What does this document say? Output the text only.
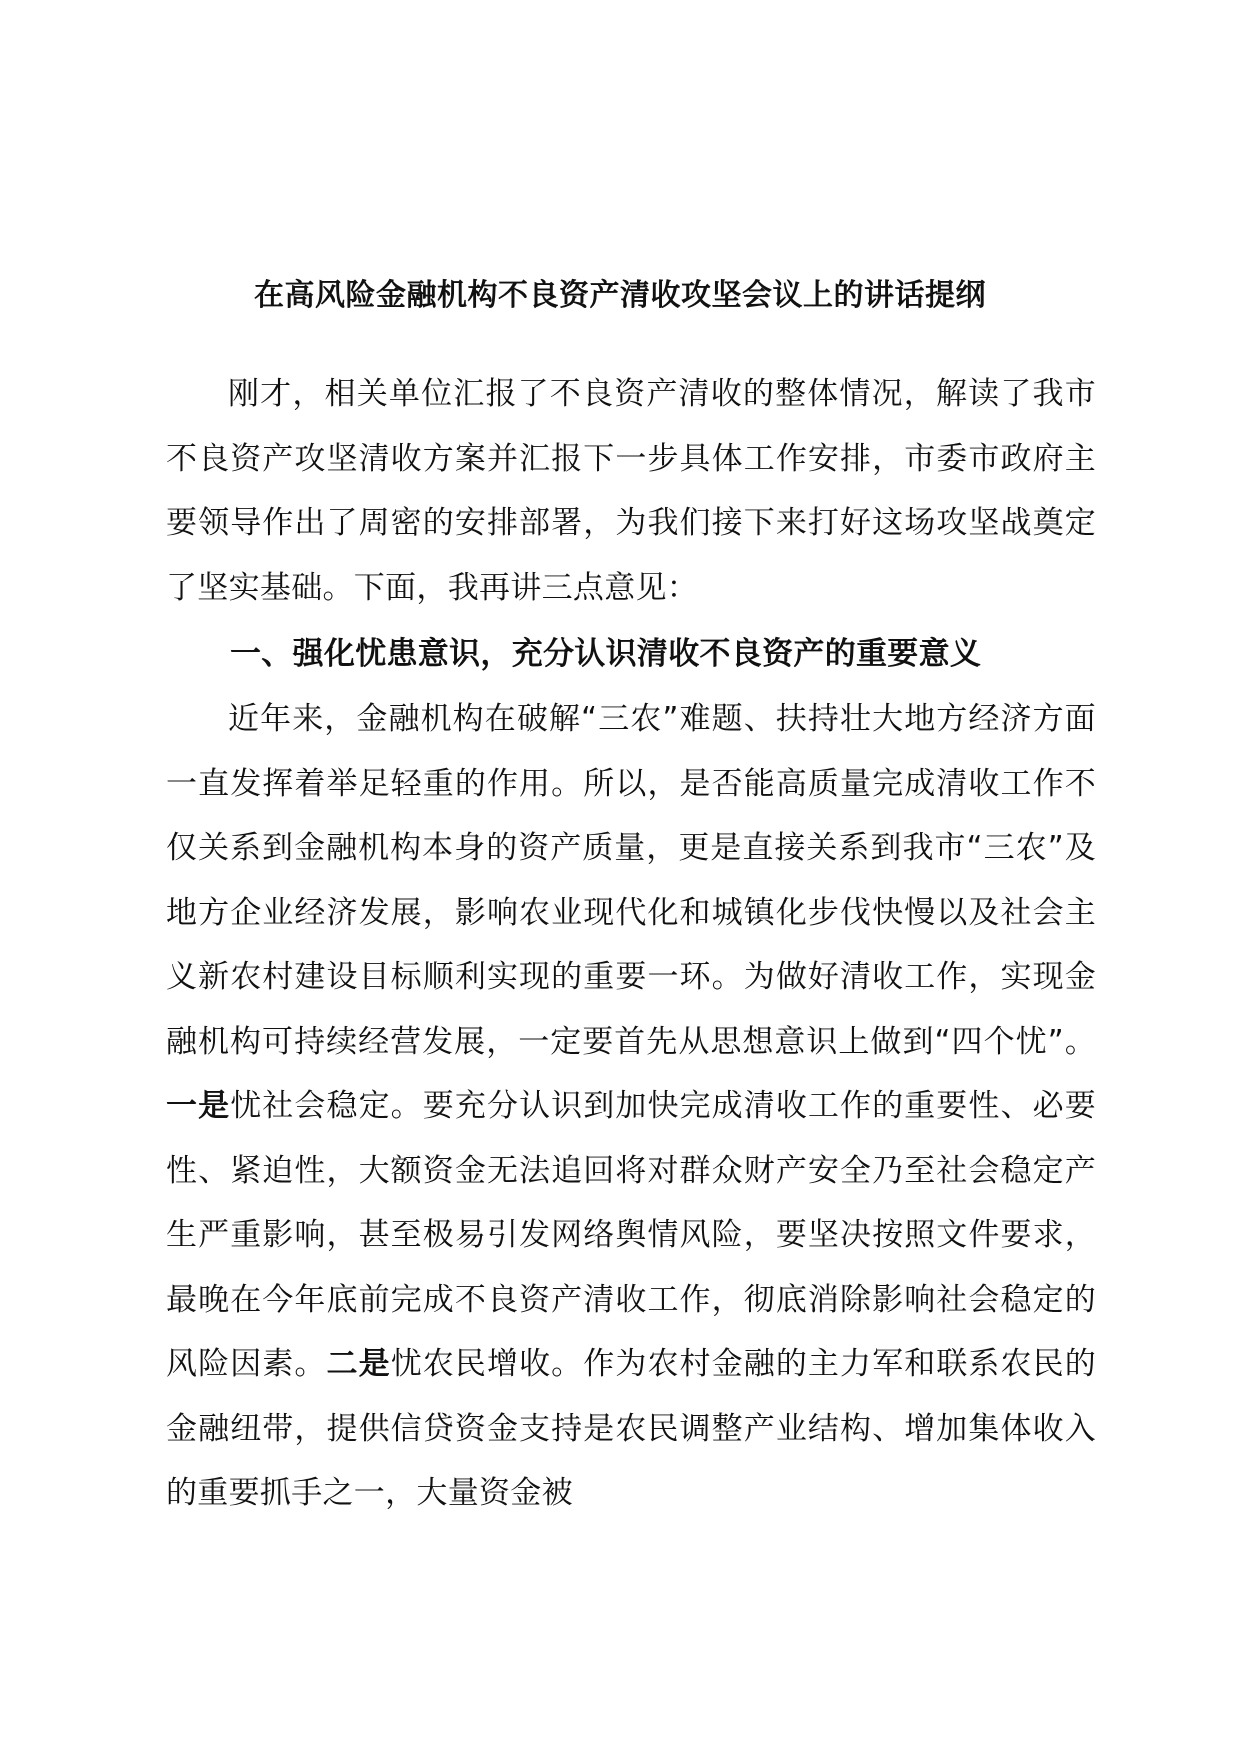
在高风险金融机构不良资产清收攻坚会议上的讲话提纲

刚才，相关单位汇报了不良资产清收的整体情况，解读了我市不良资产攻坚清收方案并汇报下一步具体工作安排，市委市政府主要领导作出了周密的安排部署，为我们接下来打好这场攻坚战奠定了坚实基础。下面，我再讲三点意见：

一、强化忧患意识，充分认识清收不良资产的重要意义

近年来，金融机构在破解“三农”难题、扶持壮大地方经济方面一直发挥着举足轻重的作用。所以，是否能高质量完成清收工作不仅关系到金融机构本身的资产质量，更是直接关系到我市“三农”及地方企业经济发展，影响农业现代化和城镇化步伐快慢以及社会主义新农村建设目标顺利实现的重要一环。为做好清收工作，实现金融机构可持续经营发展，一定要首先从思想意识上做到“四个忧”。一是忧社会稳定。要充分认识到加快完成清收工作的重要性、必要性、紧迫性，大额资金无法追回将对群众财产安全乃至社会稳定产生严重影响，甚至极易引发网络舆情风险，要坚决按照文件要求，最晚在今年底前完成不良资产清收工作，彻底消除影响社会稳定的风险因素。二是忧农民增收。作为农村金融的主力军和联系农民的金融纽带，提供信贷资金支持是农民调整产业结构、增加集体收入的重要抓手之一，大量资金被
